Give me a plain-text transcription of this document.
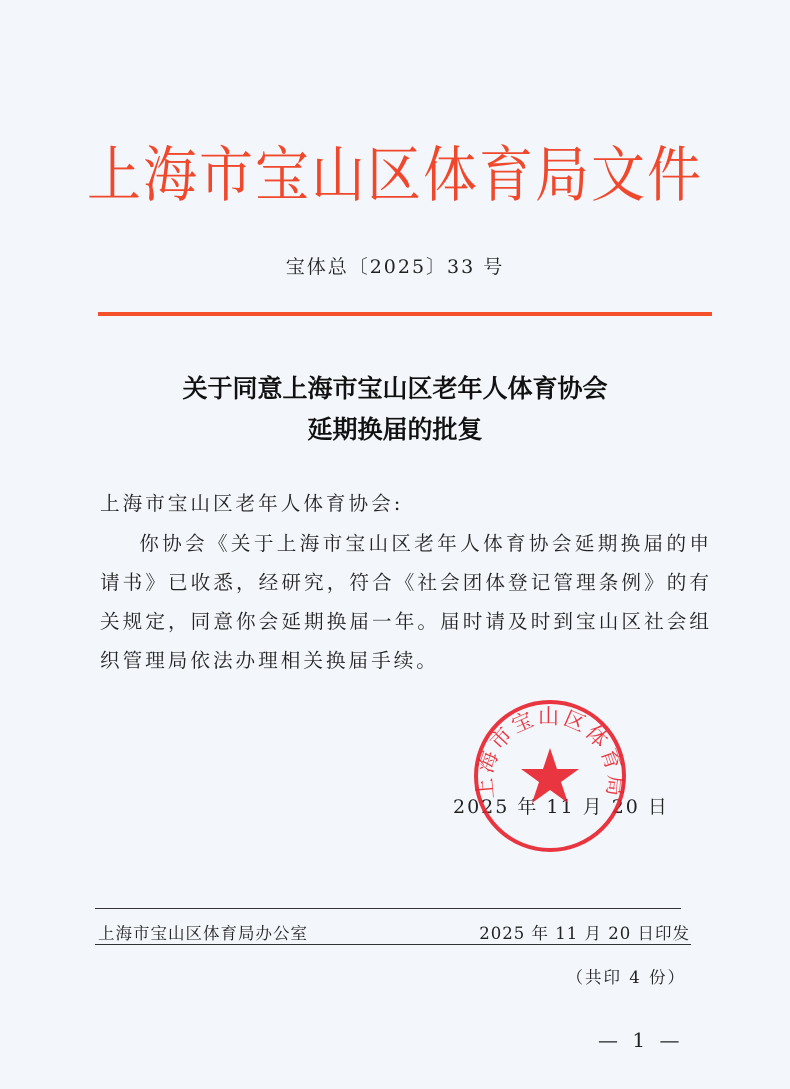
上海市宝山区体育局文件
宝体总〔2025〕33 号
关于同意上海市宝山区老年人体育协会
延期换届的批复
上海市宝山区老年人体育协会:
你协会《关于上海市宝山区老年人体育协会延期换届的申请书》已收悉，经研究，符合《社会团体登记管理条例》的有关规定，同意你会延期换届一年。届时请及时到宝山区社会组织管理局依法办理相关换届手续。
2025 年 11 月 20 日
上海市宝山区体育局
上海市宝山区体育局办公室	2025 年 11 月 20 日印发
（共印 4 份）
— 1 —
